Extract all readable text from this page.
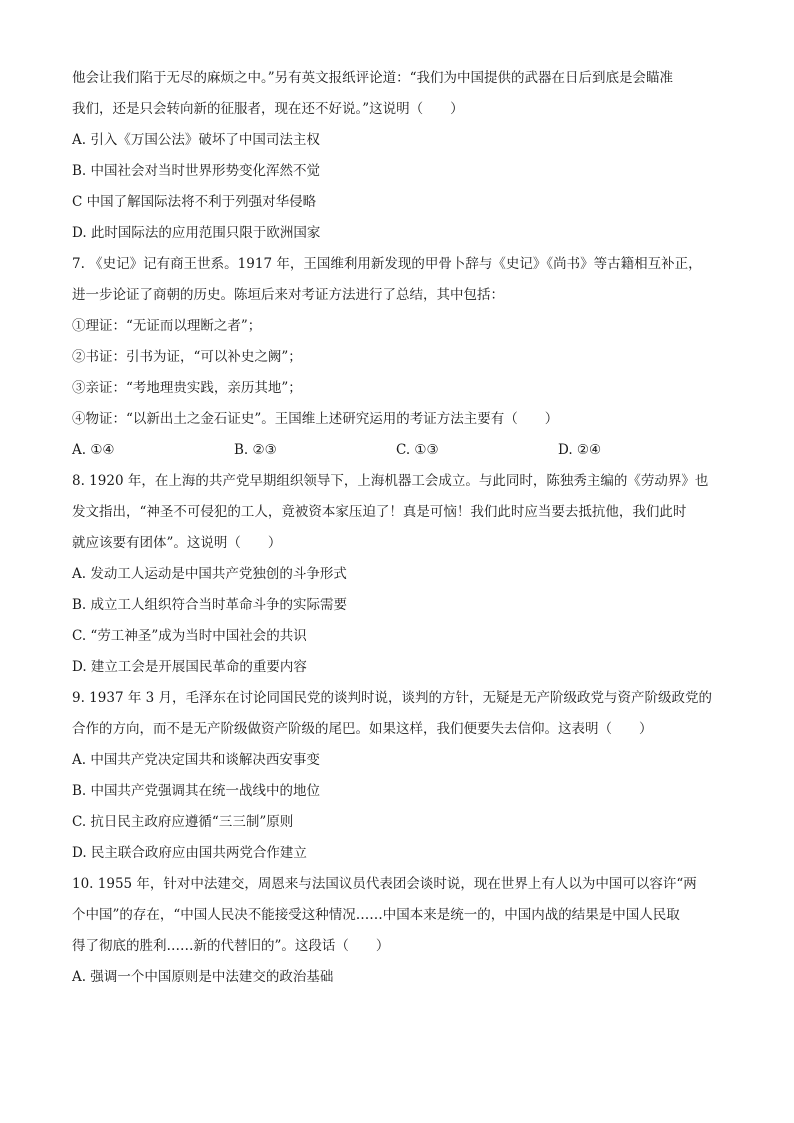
他会让我们陷于无尽的麻烦之中。”另有英文报纸评论道：“我们为中国提供的武器在日后到底是会瞄准
我们，还是只会转向新的征服者，现在还不好说。”这说明（　　）
A. 引入《万国公法》破坏了中国司法主权
B. 中国社会对当时世界形势变化浑然不觉
C 中国了解国际法将不利于列强对华侵略
D. 此时国际法的应用范围只限于欧洲国家
7. 《史记》记有商王世系。1917 年，王国维利用新发现的甲骨卜辞与《史记》《尚书》等古籍相互补正，
进一步论证了商朝的历史。陈垣后来对考证方法进行了总结，其中包括：
①理证：“无证而以理断之者”；
②书证：引书为证，“可以补史之阙”；
③亲证：“考地理贵实践，亲历其地”；
④物证：“以新出土之金石证史”。王国维上述研究运用的考证方法主要有（　　）
A. ①④	B. ②③	C. ①③	D. ②④
8. 1920 年，在上海的共产党早期组织领导下，上海机器工会成立。与此同时，陈独秀主编的《劳动界》也
发文指出，“神圣不可侵犯的工人，竟被资本家压迫了！真是可恼！我们此时应当要去抵抗他，我们此时
就应该要有团体”。这说明（　　）
A. 发动工人运动是中国共产党独创的斗争形式
B. 成立工人组织符合当时革命斗争的实际需要
C. “劳工神圣”成为当时中国社会的共识
D. 建立工会是开展国民革命的重要内容
9. 1937 年 3 月，毛泽东在讨论同国民党的谈判时说，谈判的方针，无疑是无产阶级政党与资产阶级政党的
合作的方向，而不是无产阶级做资产阶级的尾巴。如果这样，我们便要失去信仰。这表明（　　）
A. 中国共产党决定国共和谈解决西安事变
B. 中国共产党强调其在统一战线中的地位
C. 抗日民主政府应遵循“三三制”原则
D. 民主联合政府应由国共两党合作建立
10. 1955 年，针对中法建交，周恩来与法国议员代表团会谈时说，现在世界上有人以为中国可以容许“两
个中国”的存在，“中国人民决不能接受这种情况……中国本来是统一的，中国内战的结果是中国人民取
得了彻底的胜利……新的代替旧的”。这段话（　　）
A. 强调一个中国原则是中法建交的政治基础
